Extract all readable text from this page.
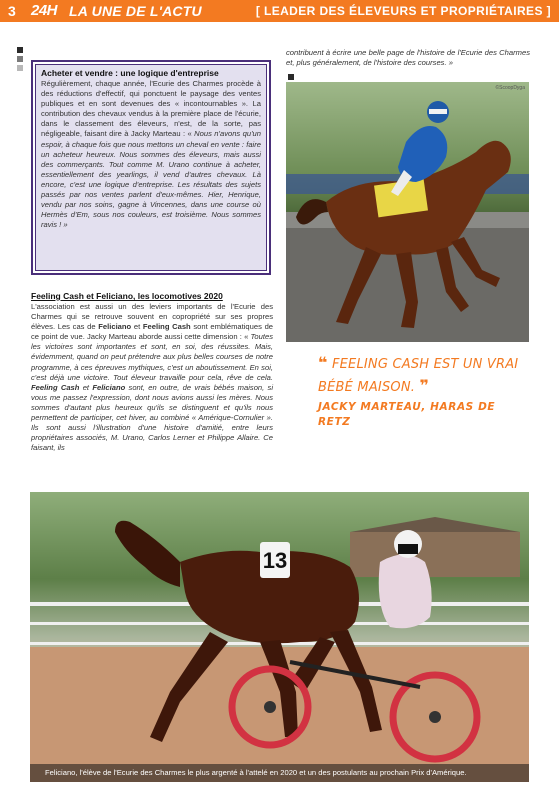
3 24H LA UNE DE L'ACTU	[ LEADER DES ÉLEVEURS ET PROPRIÉTAIRES ]
Acheter et vendre : une logique d'entreprise

Régulièrement, chaque année, l'Ecurie des Charmes procède à des réductions d'effectif, qui ponctuent le paysage des ventes publiques et en sont devenues des « incontournables ». La contribution des chevaux vendus à la première place de l'écurie, dans le classement des éleveurs, n'est, de la sorte, pas négligeable, faisant dire à Jacky Marteau : « Nous n'avons qu'un espoir, à chaque fois que nous mettons un cheval en vente : faire un acheteur heureux. Nous sommes des éleveurs, mais aussi des commerçants. Tout comme M. Urano continue à acheter, essentiellement des yearlings, il vend d'autres chevaux. Là encore, c'est une logique d'entreprise. Les résultats des sujets passés par nos ventes parlent d'eux-mêmes. Hier, Henrique, vendu par nos soins, gagne à Vincennes, dans une course où Hermès d'Em, sous nos couleurs, est troisième. Nous sommes ravis ! »

Feeling Cash et Feliciano, les locomotives 2020

L'association est aussi un des leviers importants de l'Ecurie des Charmes qui se retrouve souvent en copropriété sur ses propres élèves. Les cas de Feliciano et Feeling Cash sont emblématiques de ce point de vue. Jacky Marteau aborde aussi cette dimension : « Toutes les victoires sont importantes et sont, en soi, des réussites. Mais, évidemment, quand on peut prétendre aux plus belles courses de notre programme, à ces épreuves mythiques, c'est un aboutissement. En soi, c'est déjà une victoire. Tout éleveur travaille pour cela, rêve de cela. Feeling Cash et Feliciano sont, en outre, de vrais bébés maison, si vous me passez l'expression, dont nous avions aussi les mères. Nous sommes d'autant plus heureux qu'ils se distinguent et qu'ils nous permettent de participer, cet hiver, au combiné « Amérique-Cornulier ». Ils sont aussi l'illustration d'une histoire d'amitié, entre leurs propriétaires associés, M. Urano, Carlos Lerner et Philippe Allaire. Ce faisant, ils

contribuent à écrire une belle page de l'histoire de l'Ecurie des Charmes et, plus généralement, de l'histoire des courses. »
©ScoopDyga
❝ FEELING CASH EST UN VRAI BÉBÉ MAISON. ❞
JACKY MARTEAU, HARAS DE RETZ
13
Feliciano, l'élève de l'Ecurie des Charmes le plus argenté à l'attelé en 2020 et un des postulants au prochain Prix d'Amérique.
